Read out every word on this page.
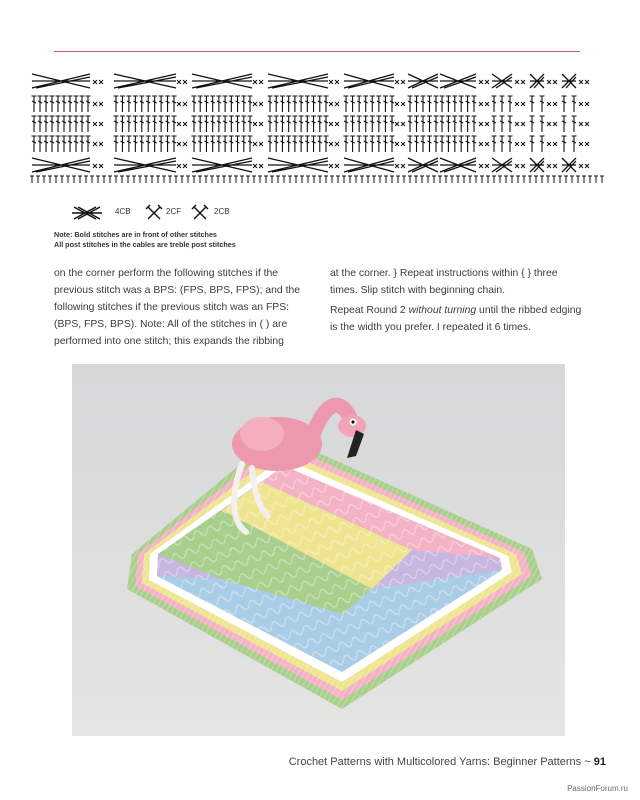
4CB	2CF	2CB
Note: Bold stitches are in front of other stitches
All post stitches in the cables are treble post stitches

on the corner perform the following stitches if the previous stitch was a BPS: (FPS, BPS, FPS); and the following stitches if the previous stitch was an FPS: (BPS, FPS, BPS). Note: All of the stitches in ( ) are performed into one stitch; this expands the ribbing

at the corner. } Repeat instructions within { } three times. Slip stitch with beginning chain.

Repeat Round 2 without turning until the ribbed edging is the width you prefer. I repeated it 6 times.

Crochet Patterns with Multicolored Yarns: Beginner Patterns ~ 91
PassionForum.ru
